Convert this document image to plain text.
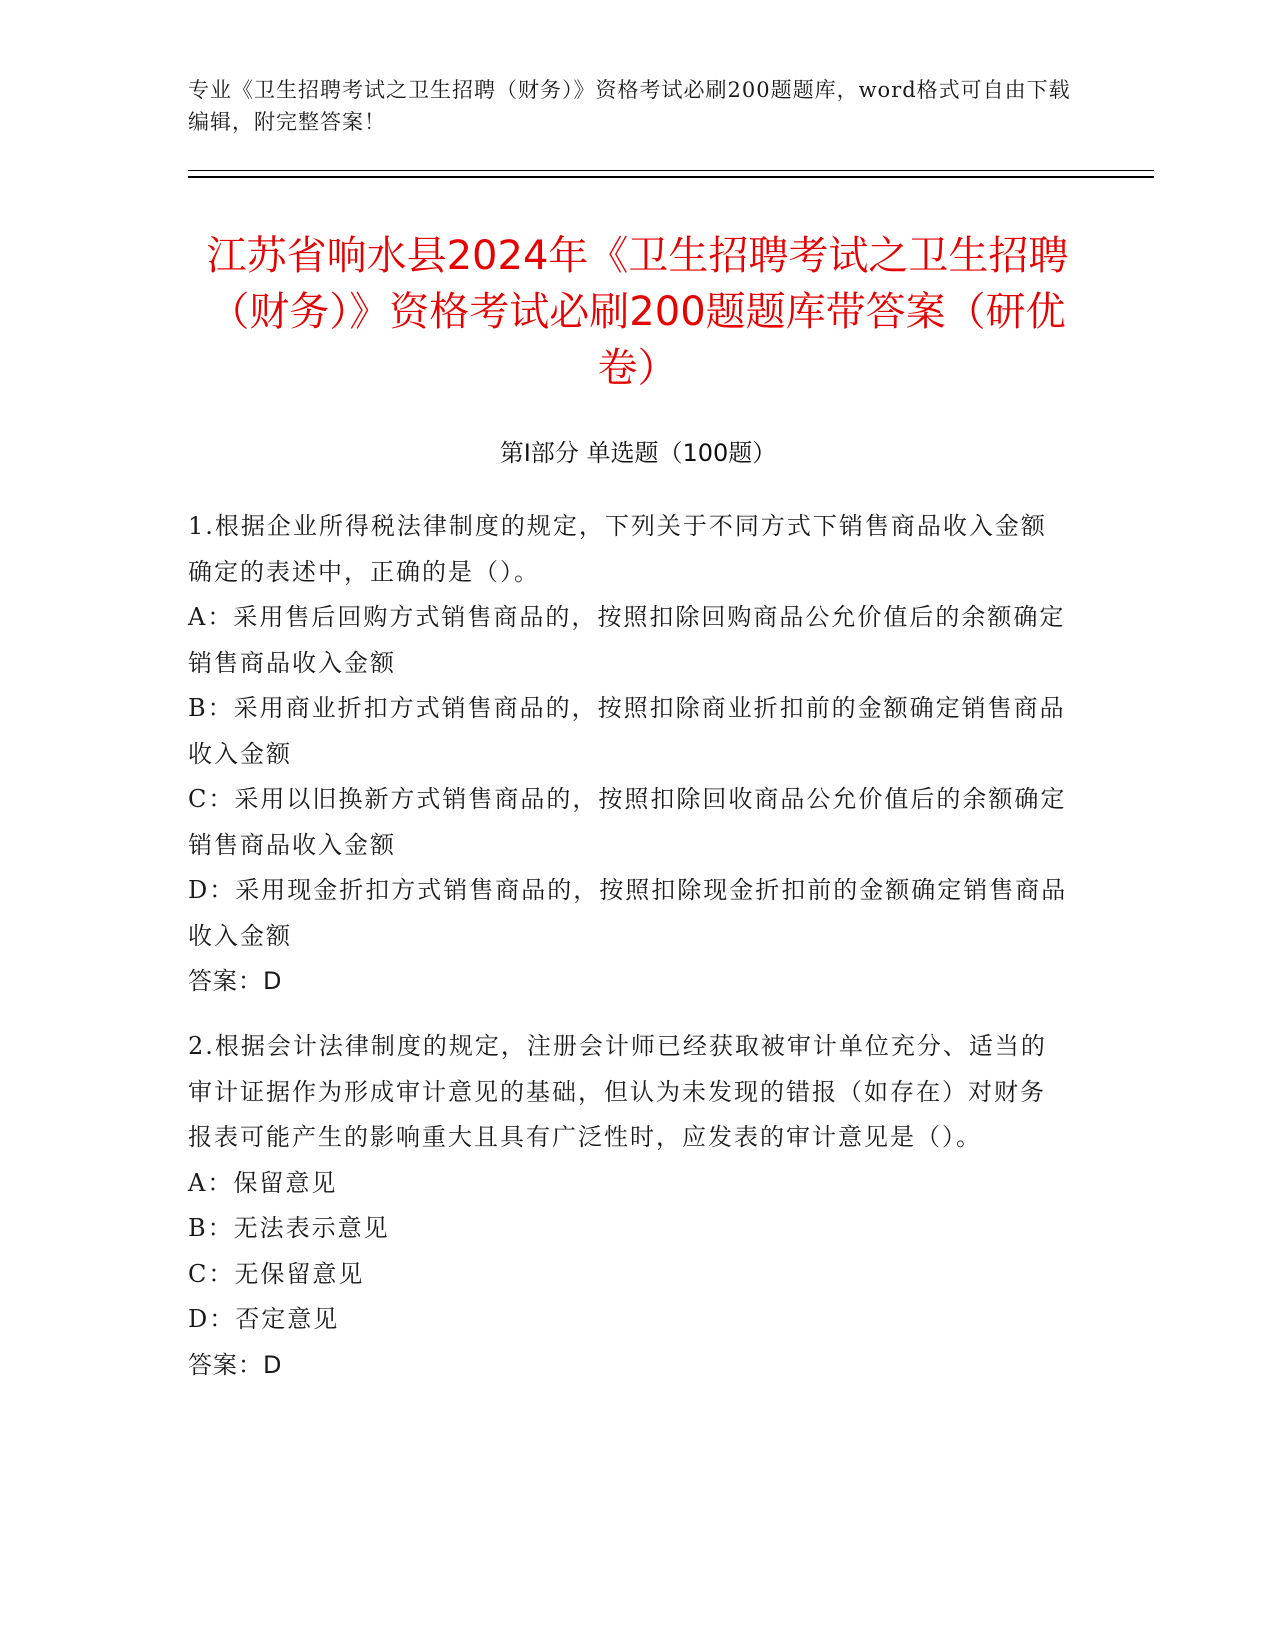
专业《卫生招聘考试之卫生招聘（财务）》资格考试必刷200题题库，word格式可自由下载编辑，附完整答案！
江苏省响水县2024年《卫生招聘考试之卫生招聘（财务）》资格考试必刷200题题库带答案（研优卷）
第I部分 单选题（100题）

1.根据企业所得税法律制度的规定，下列关于不同方式下销售商品收入金额确定的表述中，正确的是（）。

A：采用售后回购方式销售商品的，按照扣除回购商品公允价值后的余额确定销售商品收入金额

B：采用商业折扣方式销售商品的，按照扣除商业折扣前的金额确定销售商品收入金额

C：采用以旧换新方式销售商品的，按照扣除回收商品公允价值后的余额确定销售商品收入金额

D：采用现金折扣方式销售商品的，按照扣除现金折扣前的金额确定销售商品收入金额

答案：D

2.根据会计法律制度的规定，注册会计师已经获取被审计单位充分、适当的审计证据作为形成审计意见的基础，但认为未发现的错报（如存在）对财务报表可能产生的影响重大且具有广泛性时，应发表的审计意见是（）。

A：保留意见

B：无法表示意见

C：无保留意见

D：否定意见

答案：D
